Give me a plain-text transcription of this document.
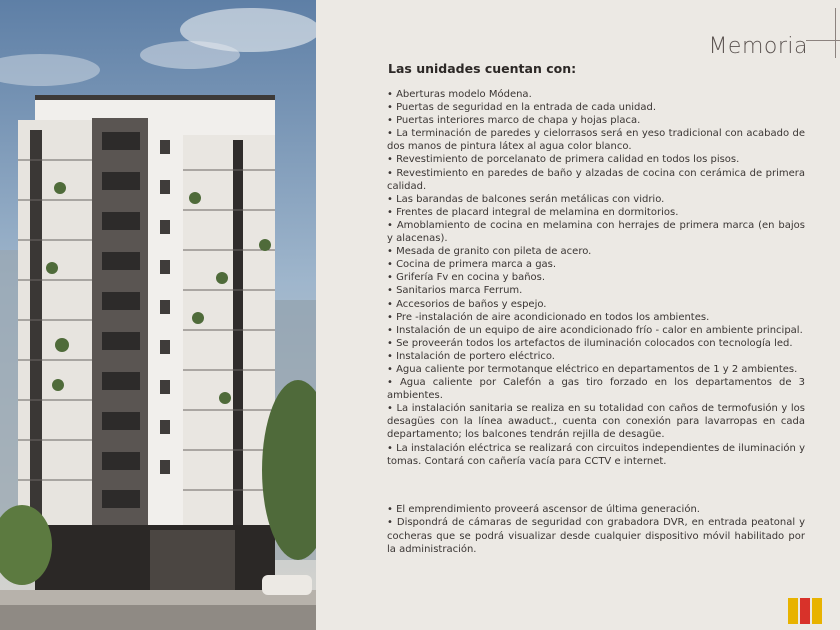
Memoria
Las unidades cuentan con:

• Aberturas modelo Módena.

• Puertas de seguridad en la entrada de cada unidad.

• Puertas interiores marco de chapa y hojas placa.

• La terminación de paredes y cielorrasos será en yeso tradicional con acabado de dos manos de pintura látex al agua color blanco.

• Revestimiento de porcelanato de primera calidad en todos los pisos.

• Revestimiento en paredes de baño y alzadas de cocina con cerámica de primera calidad.

• Las barandas de balcones serán metálicas con vidrio.

• Frentes de placard integral de melamina en dormitorios.

• Amoblamiento de cocina en melamina con herrajes de primera marca (en bajos y alacenas).

• Mesada de granito con pileta de acero.

• Cocina de primera marca a gas.

• Grifería Fv en cocina y baños.

• Sanitarios marca Ferrum.

• Accesorios de baños y espejo.

• Pre -instalación de aire acondicionado en todos los ambientes.

• Instalación de un equipo de aire acondicionado frío - calor en ambiente principal.

• Se proveerán todos los artefactos de iluminación colocados con tecnología led.

• Instalación de portero eléctrico.

• Agua caliente por termotanque eléctrico en departamentos de 1 y 2 ambientes.

• Agua caliente por Calefón a gas tiro forzado en los departamentos de 3 ambientes.

• La instalación sanitaria se realiza en su totalidad con caños de termofusión y los desagües con la línea awaduct., cuenta con conexión para lavarropas en cada departamento; los balcones tendrán rejilla de desagüe.

• La instalación eléctrica se realizará con circuitos independientes de iluminación y tomas. Contará con cañería vacía para CCTV e internet.

• El emprendimiento proveerá ascensor de última generación.

• Dispondrá de cámaras de seguridad con grabadora DVR, en entrada peatonal y cocheras que se podrá visualizar desde cualquier dispositivo móvil habilitado por la administración.
